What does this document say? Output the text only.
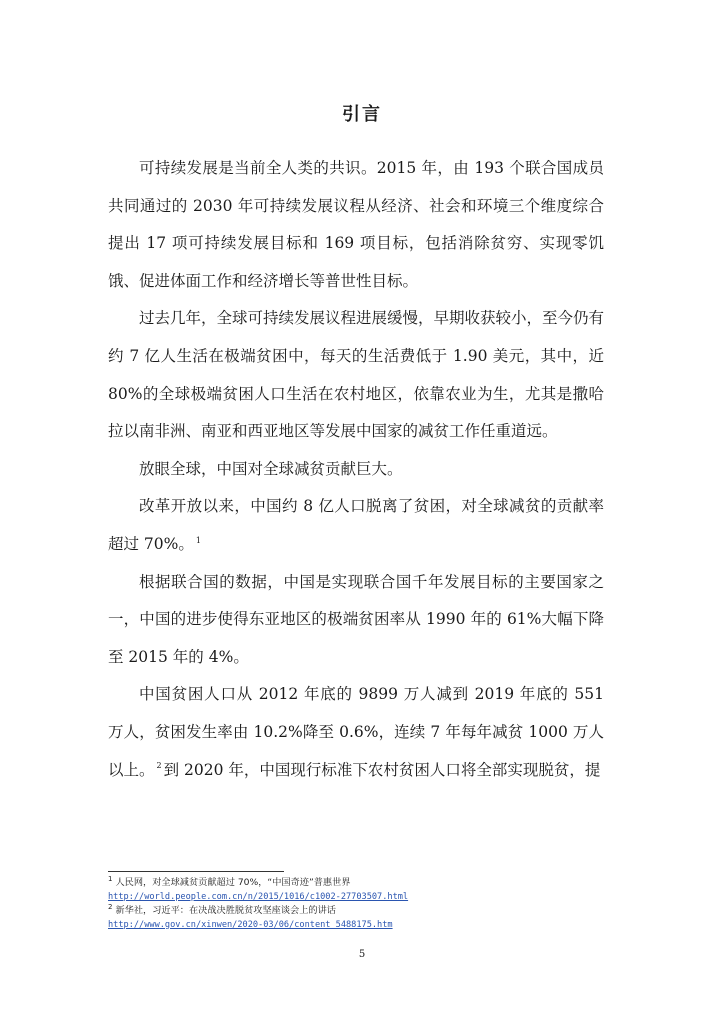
引言

可持续发展是当前全人类的共识。2015 年，由 193 个联合国成员共同通过的 2030 年可持续发展议程从经济、社会和环境三个维度综合提出 17 项可持续发展目标和 169 项目标，包括消除贫穷、实现零饥饿、促进体面工作和经济增长等普世性目标。

过去几年，全球可持续发展议程进展缓慢，早期收获较小，至今仍有约 7 亿人生活在极端贫困中，每天的生活费低于 1.90 美元，其中，近 80%的全球极端贫困人口生活在农村地区，依靠农业为生，尤其是撒哈拉以南非洲、南亚和西亚地区等发展中国家的减贫工作任重道远。

放眼全球，中国对全球减贫贡献巨大。

改革开放以来，中国约 8 亿人口脱离了贫困，对全球减贫的贡献率超过 70%。 $^1$

根据联合国的数据，中国是实现联合国千年发展目标的主要国家之一，中国的进步使得东亚地区的极端贫困率从 1990 年的 61%大幅下降至 2015 年的 4%。

中国贫困人口从 2012 年底的 9899 万人减到 2019 年底的 551 万人，贫困发生率由 10.2%降至 0.6%，连续 7 年每年减贫 1000 万人以上。 $^2$ 到 2020 年，中国现行标准下农村贫困人口将全部实现脱贫，提

$^1$ 人民网，对全球减贫贡献超过 70%，“中国奇迹”普惠世界
http://world.people.com.cn/n/2015/1016/c1002-27703507.html
$^2$ 新华社，习近平：在决战决胜脱贫攻坚座谈会上的讲话
http://www.gov.cn/xinwen/2020-03/06/content_5488175.htm
5
